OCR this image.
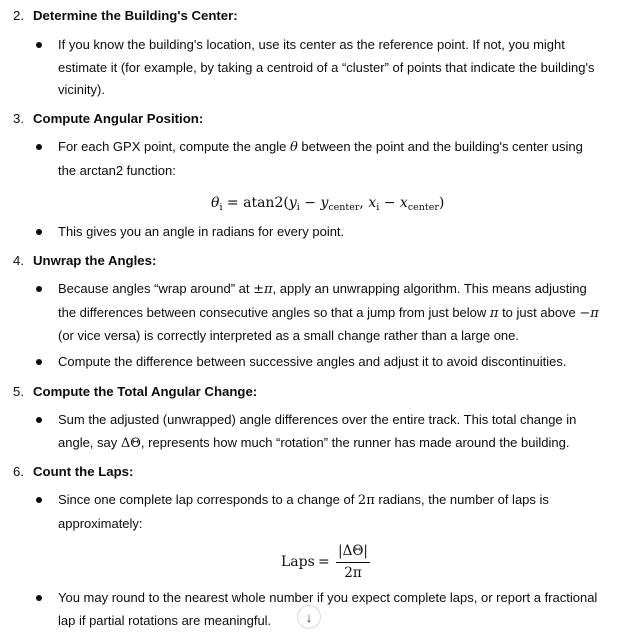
2. Determine the Building's Center:
If you know the building's location, use its center as the reference point. If not, you might
estimate it (for example, by taking a centroid of a “cluster” of points that indicate the building's
vicinity).
3. Compute Angular Position:
For each GPX point, compute the angle θ between the point and the building's center using
the arctan2 function:
$\theta_i = atan2(y_i - y_{center}$, $x_i - x_{center}$)
This gives you an angle in radians for every point.
4. Unwrap the Angles:
Because angles “wrap around” at ±π, apply an unwrapping algorithm. This means adjusting
the differences between consecutive angles so that a jump from just below π to just above −π
(or vice versa) is correctly interpreted as a small change rather than a large one.
Compute the difference between successive angles and adjust it to avoid discontinuities.
5. Compute the Total Angular Change:
Sum the adjusted (unwrapped) angle differences over the entire track. This total change in
angle, say ΔΘ, represents how much “rotation” the runner has made around the building.
6. Count the Laps:
Since one complete lap corresponds to a change of 2π radians, the number of laps is
approximately:
Laps =
|ΔΘ|
2π
You may round to the nearest whole number if you expect complete laps, or report a fractional
lap if partial rotations are meaningful.	↓
